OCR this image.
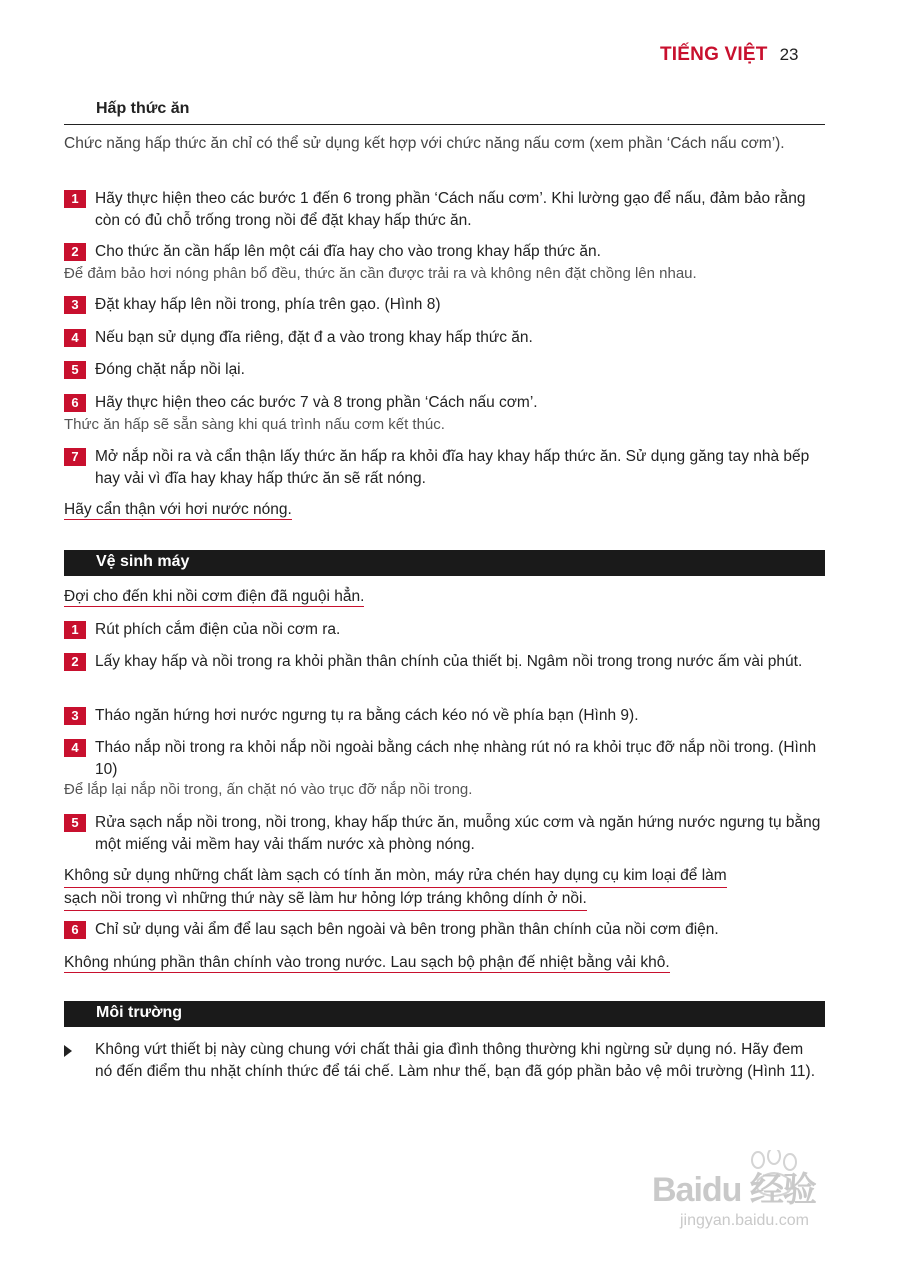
TIẾNG VIỆT 23
Hấp thức ăn
Chức năng hấp thức ăn chỉ có thể sử dụng kết hợp với chức năng nấu cơm (xem phần ‘Cách nấu cơm’).
1	Hãy thực hiện theo các bước 1 đến 6 trong phần ‘Cách nấu cơm’. Khi lường gạo để nấu, đảm bảo rằng còn có đủ chỗ trống trong nồi để đặt khay hấp thức ăn.
2	Cho thức ăn cần hấp lên một cái đĩa hay cho vào trong khay hấp thức ăn.
Để đảm bảo hơi nóng phân bổ đều, thức ăn cần được trải ra và không nên đặt chồng lên nhau.
3	Đặt khay hấp lên nồi trong, phía trên gạo. (Hình 8)
4	Nếu bạn sử dụng đĩa riêng, đặt đ a vào trong khay hấp thức ăn.
5	Đóng chặt nắp nồi lại.
6	Hãy thực hiện theo các bước 7 và 8 trong phần ‘Cách nấu cơm’.
Thức ăn hấp sẽ sẵn sàng khi quá trình nấu cơm kết thúc.
7	Mở nắp nồi ra và cẩn thận lấy thức ăn hấp ra khỏi đĩa hay khay hấp thức ăn. Sử dụng găng tay nhà bếp hay vải vì đĩa hay khay hấp thức ăn sẽ rất nóng.
Hãy cẩn thận với hơi nước nóng.
Vệ sinh máy
Đợi cho đến khi nồi cơm điện đã nguội hẳn.
1	Rút phích cắm điện của nồi cơm ra.
2	Lấy khay hấp và nồi trong ra khỏi phần thân chính của thiết bị. Ngâm nồi trong trong nước ấm vài phút.
3	Tháo ngăn hứng hơi nước ngưng tụ ra bằng cách kéo nó về phía bạn (Hình 9).
4	Tháo nắp nồi trong ra khỏi nắp nồi ngoài bằng cách nhẹ nhàng rút nó ra khỏi trục đỡ nắp nồi trong. (Hình 10)
Để lắp lại nắp nồi trong, ấn chặt nó vào trục đỡ nắp nồi trong.
5	Rửa sạch nắp nồi trong, nồi trong, khay hấp thức ăn, muỗng xúc cơm và ngăn hứng nước ngưng tụ bằng một miếng vải mềm hay vải thấm nước xà phòng nóng.
Không sử dụng những chất làm sạch có tính ăn mòn, máy rửa chén hay dụng cụ kim loại để làm
sạch nồi trong vì những thứ này sẽ làm hư hỏng lớp tráng không dính ở nồi.
6	Chỉ sử dụng vải ẩm để lau sạch bên ngoài và bên trong phần thân chính của nồi cơm điện.
Không nhúng phần thân chính vào trong nước. Lau sạch bộ phận đế nhiệt bằng vải khô.
Môi trường
Không vứt thiết bị này cùng chung với chất thải gia đình thông thường khi ngừng sử dụng nó. Hãy đem nó đến điểm thu nhặt chính thức để tái chế. Làm như thế, bạn đã góp phần bảo vệ môi trường (Hình 11).
Baidu 经验
jingyan.baidu.com
